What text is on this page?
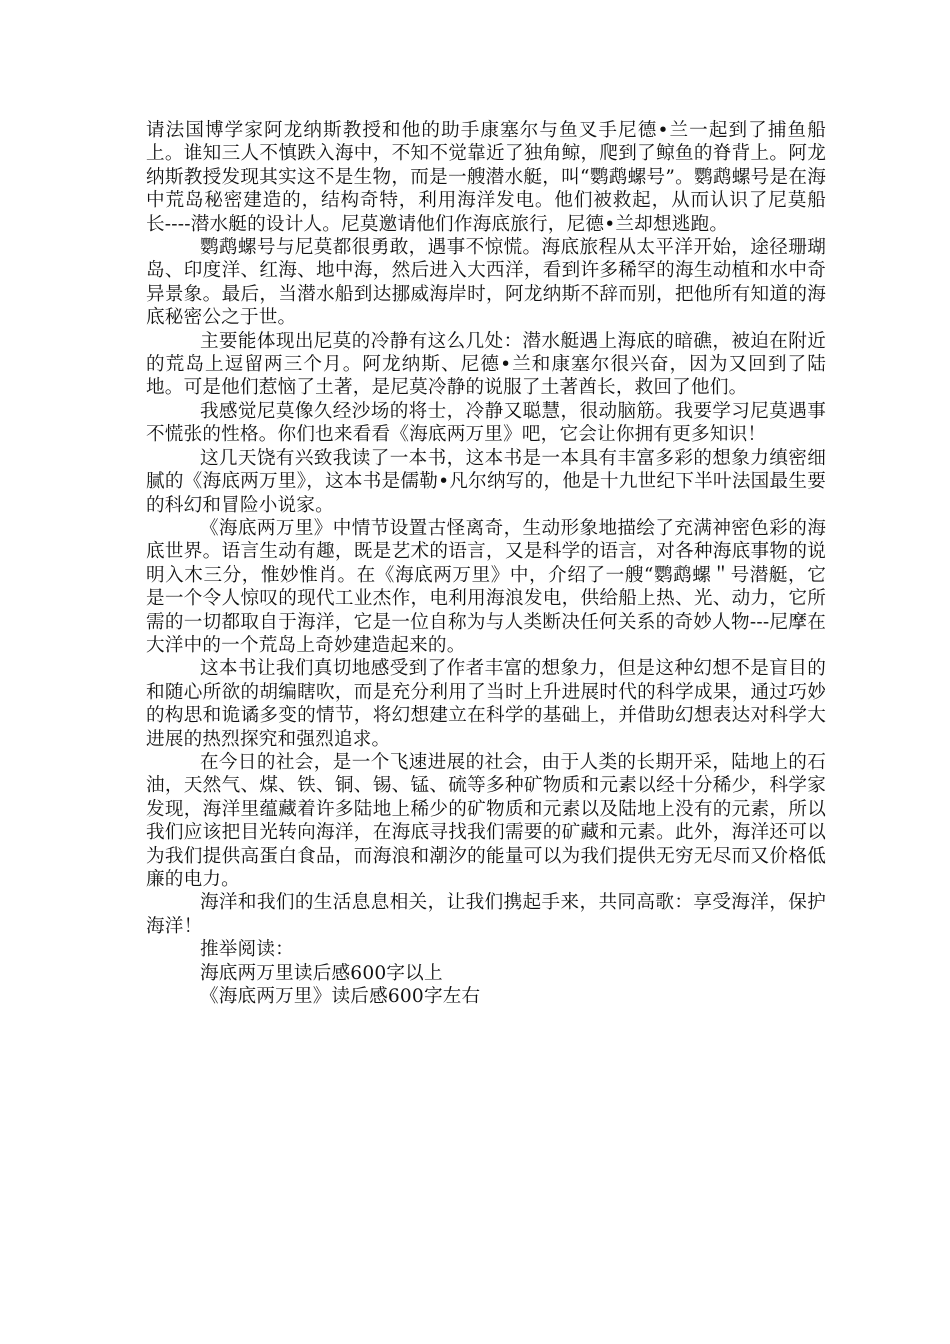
请法国博学家阿龙纳斯教授和他的助手康塞尔与鱼叉手尼德•兰一起到了捕鱼船上。谁知三人不慎跌入海中，不知不觉靠近了独角鲸，爬到了鲸鱼的脊背上。阿龙纳斯教授发现其实这不是生物，而是一艘潜水艇，叫“鹦鹉螺号”。鹦鹉螺号是在海中荒岛秘密建造的，结构奇特，利用海洋发电。他们被救起，从而认识了尼莫船长----潜水艇的设计人。尼莫邀请他们作海底旅行，尼德•兰却想逃跑。

鹦鹉螺号与尼莫都很勇敢，遇事不惊慌。海底旅程从太平洋开始，途径珊瑚岛、印度洋、红海、地中海，然后进入大西洋，看到许多稀罕的海生动植和水中奇异景象。最后，当潜水船到达挪威海岸时，阿龙纳斯不辞而别，把他所有知道的海底秘密公之于世。

主要能体现出尼莫的冷静有这么几处：潜水艇遇上海底的暗礁，被迫在附近的荒岛上逗留两三个月。阿龙纳斯、尼德•兰和康塞尔很兴奋，因为又回到了陆地。可是他们惹恼了土著，是尼莫冷静的说服了土著酋长，救回了他们。

我感觉尼莫像久经沙场的将士，冷静又聪慧，很动脑筋。我要学习尼莫遇事不慌张的性格。你们也来看看《海底两万里》吧，它会让你拥有更多知识！

这几天饶有兴致我读了一本书，这本书是一本具有丰富多彩的想象力缜密细腻的《海底两万里》，这本书是儒勒•凡尔纳写的，他是十九世纪下半叶法国最生要的科幻和冒险小说家。

《海底两万里》中情节设置古怪离奇，生动形象地描绘了充满神密色彩的海底世界。语言生动有趣，既是艺术的语言，又是科学的语言，对各种海底事物的说明入木三分，惟妙惟肖。在《海底两万里》中，介绍了一艘“鹦鹉螺＂号潜艇，它是一个令人惊叹的现代工业杰作，电利用海浪发电，供给船上热、光、动力，它所需的一切都取自于海洋，它是一位自称为与人类断决任何关系的奇妙人物---尼摩在大洋中的一个荒岛上奇妙建造起来的。

这本书让我们真切地感受到了作者丰富的想象力，但是这种幻想不是盲目的和随心所欲的胡编瞎吹，而是充分利用了当时上升进展时代的科学成果，通过巧妙的构思和诡谲多变的情节，将幻想建立在科学的基础上，并借助幻想表达对科学大进展的热烈探究和强烈追求。

在今日的社会，是一个飞速进展的社会，由于人类的长期开采，陆地上的石油，天然气、煤、铁、铜、锡、锰、硫等多种矿物质和元素以经十分稀少，科学家发现，海洋里蕴藏着许多陆地上稀少的矿物质和元素以及陆地上没有的元素，所以我们应该把目光转向海洋，在海底寻找我们需要的矿藏和元素。此外，海洋还可以为我们提供高蛋白食品，而海浪和潮汐的能量可以为我们提供无穷无尽而又价格低廉的电力。

海洋和我们的生活息息相关，让我们携起手来，共同高歌：享受海洋，保护海洋！

推举阅读：

海底两万里读后感600字以上

《海底两万里》读后感600字左右
